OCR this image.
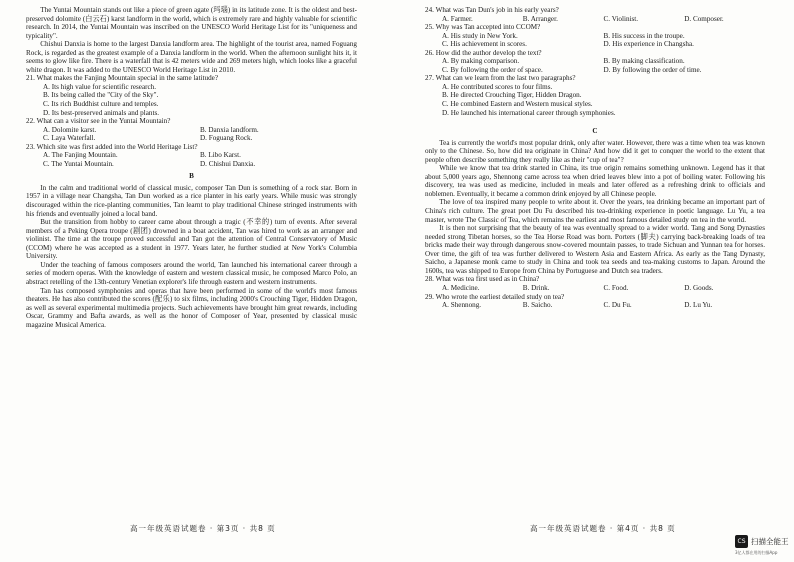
The Yuntai Mountain stands out like a piece of green agate (玛瑙) in its latitude zone. It is the oldest and best-preserved dolomite (白云石) karst landform in the world, which is extremely rare and highly valuable for scientific research. In 2014, the Yuntai Mountain was inscribed on the UNESCO World Heritage List for its "uniqueness and typicality".

Chishui Danxia is home to the largest Danxia landform area. The highlight of the tourist area, named Foguang Rock, is regarded as the greatest example of a Danxia landform in the world. When the afternoon sunlight hits it, it seems to glow like fire. There is a waterfall that is 42 meters wide and 269 meters high, which looks like a graceful white dragon. It was added to the UNESCO World Heritage List in 2010.

21. What makes the Fanjing Mountain special in the same latitude?
A. Its high value for scientific research.
B. Its being called the "City of the Sky".
C. Its rich Buddhist culture and temples.
D. Its best-preserved animals and plants.
22. What can a visitor see in the Yuntai Mountain?
A. Dolomite karst.	B. Danxia landform.
C. Laya Waterfall.	D. Foguang Rock.
23. Which site was first added into the World Heritage List?
A. The Fanjing Mountain.	B. Libo Karst.
C. The Yuntai Mountain.	D. Chishui Danxia.
B

In the calm and traditional world of classical music, composer Tan Dun is something of a rock star. Born in 1957 in a village near Changsha, Tan Dun worked as a rice planter in his early years. While music was strongly discouraged within the rice-planting communities, Tan learnt to play traditional Chinese stringed instruments with his friends and eventually joined a local band.

But the transition from hobby to career came about through a tragic (不幸的) turn of events. After several members of a Peking Opera troupe (剧团) drowned in a boat accident, Tan was hired to work as an arranger and violinist. The time at the troupe proved successful and Tan got the attention of Central Conservatory of Music (CCOM) where he was accepted as a student in 1977. Years later, he further studied at New York's Columbia University.

Under the teaching of famous composers around the world, Tan launched his international career through a series of modern operas. With the knowledge of eastern and western classical music, he composed Marco Polo, an abstract retelling of the 13th-century Venetian explorer's life through eastern and western instruments.

Tan has composed symphonies and operas that have been performed in some of the world's most famous theaters. He has also contributed the scores (配乐) to six films, including 2000's Crouching Tiger, Hidden Dragon, as well as several experimental multimedia projects. Such achievements have brought him great rewards, including Oscar, Grammy and Bafta awards, as well as the honor of Composer of Year, presented by classical music magazine Musical America.

高一年级英语试题卷 · 第3页 · 共8 页
24. What was Tan Dun's job in his early years?
A. Farmer.	B. Arranger.	C. Violinist.	D. Composer.
25. Why was Tan accepted into CCOM?
A. His study in New York.	B. His success in the troupe.
C. His achievement in scores.	D. His experience in Changsha.
26. How did the author develop the text?
A. By making comparison.	B. By making classification.
C. By following the order of space.	D. By following the order of time.
27. What can we learn from the last two paragraphs?
A. He contributed scores to four films.
B. He directed Crouching Tiger, Hidden Dragon.
C. He combined Eastern and Western musical styles.
D. He launched his international career through symphonies.
C

Tea is currently the world's most popular drink, only after water. However, there was a time when tea was known only to the Chinese. So, how did tea originate in China? And how did it get to conquer the world to the extent that people often describe something they really like as their "cup of tea"?

While we know that tea drink started in China, its true origin remains something unknown. Legend has it that about 5,000 years ago, Shennong came across tea when dried leaves blew into a pot of boiling water. Following his discovery, tea was used as medicine, included in meals and later offered as a refreshing drink to officials and noblemen. Eventually, it became a common drink enjoyed by all Chinese people.

The love of tea inspired many people to write about it. Over the years, tea drinking became an important part of China's rich culture. The great poet Du Fu described his tea-drinking experience in poetic language. Lu Yu, a tea master, wrote The Classic of Tea, which remains the earliest and most famous detailed study on tea in the world.

It is then not surprising that the beauty of tea was eventually spread to a wider world. Tang and Song Dynasties needed strong Tibetan horses, so the Tea Horse Road was born. Porters (脚夫) carrying back-breaking loads of tea bricks made their way through dangerous snow-covered mountain passes, to trade Sichuan and Yunnan tea for horses. Over time, the gift of tea was further delivered to Western Asia and Eastern Africa. As early as the Tang Dynasty, Saicho, a Japanese monk came to study in China and took tea seeds and tea-making customs to Japan. Around the 1600s, tea was shipped to Europe from China by Portuguese and Dutch sea traders.

28. What was tea first used as in China?
A. Medicine.	B. Drink.	C. Food.	D. Goods.
29. Who wrote the earliest detailed study on tea?
A. Shennong.	B. Saicho.	C. Du Fu.	D. Lu Yu.
高一年级英语试题卷 · 第4页 · 共8 页
CS 扫描全能王
3亿人都在用的扫描App
